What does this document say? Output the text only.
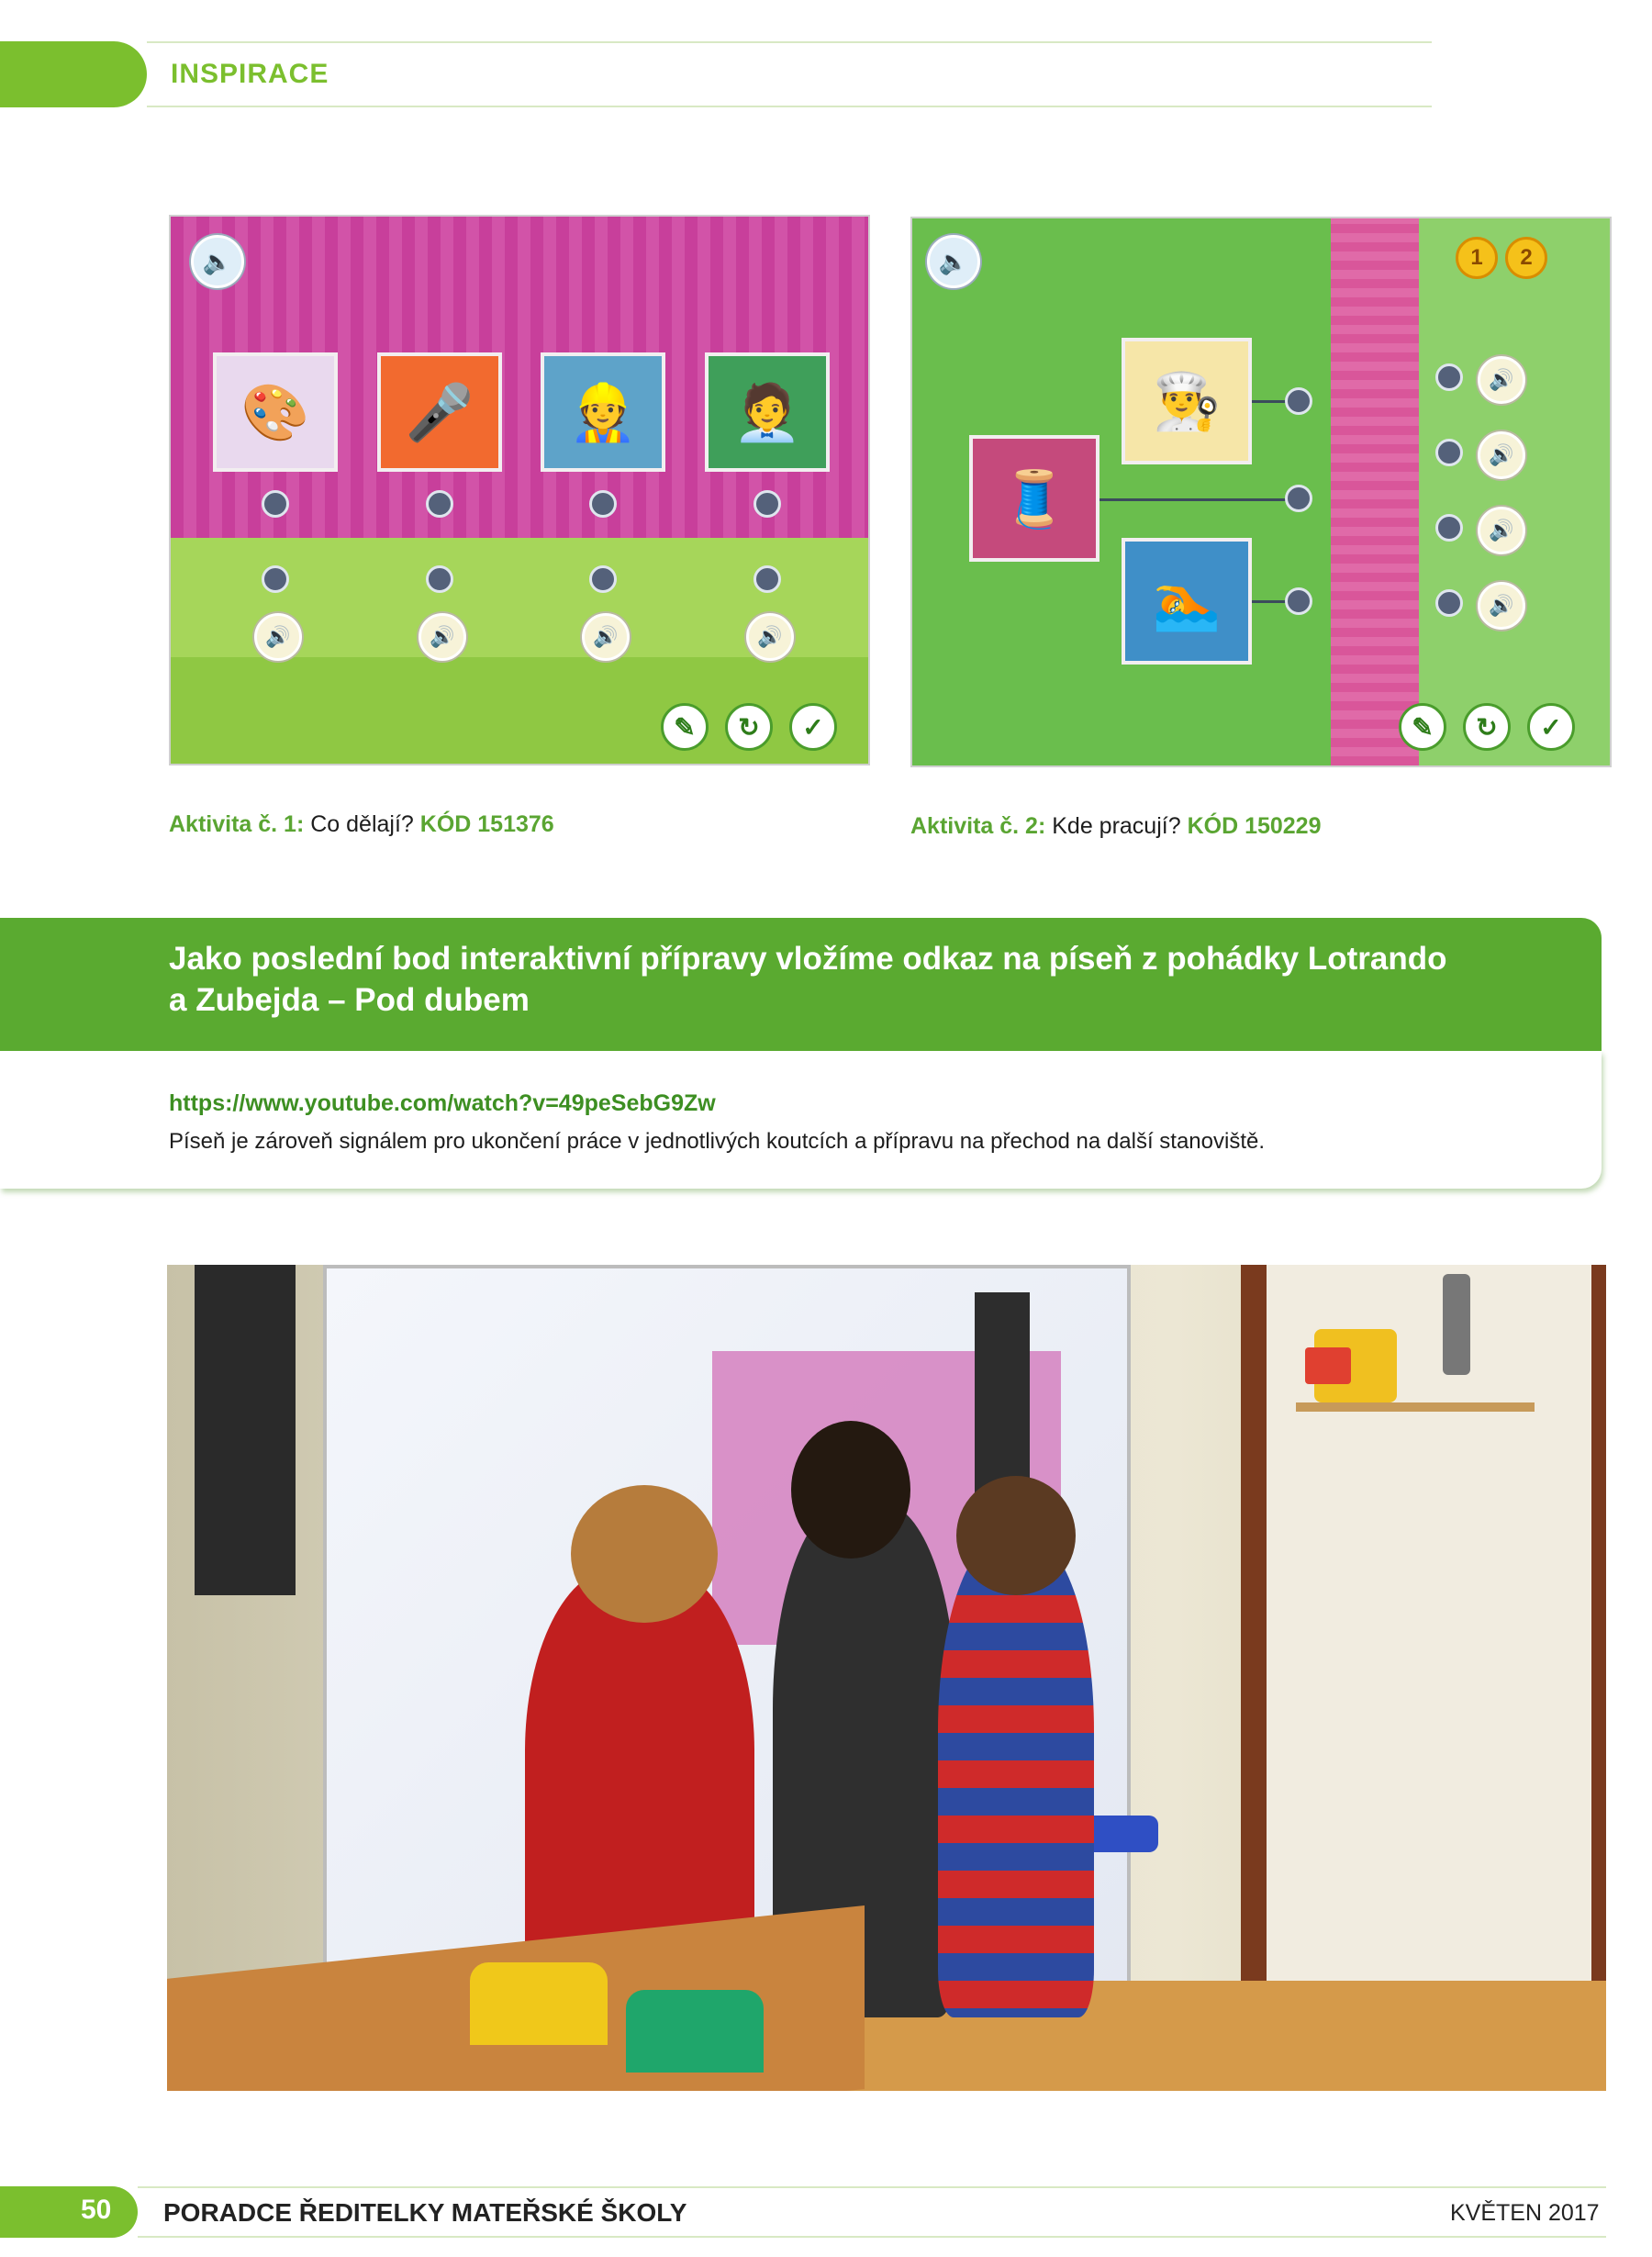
INSPIRACE
🔈
🎨 🎤 👷 🧑‍💼
🔊	🔊	🔊	🔊
✎	↻	✓
Aktivita č. 1: Co dělají? KÓD 151376
🔈	1	2
👨‍🍳
🧵
🏊
🔊
🔊
🔊
🔊
✎	↻	✓
Aktivita č. 2: Kde pracují? KÓD 150229
Jako poslední bod interaktivní přípravy vložíme odkaz na píseň z pohádky Lotrando a Zubejda – Pod dubem
https://www.youtube.com/watch?v=49peSebG9Zw
Píseň je zároveň signálem pro ukončení práce v jednotlivých koutcích a přípravu na přechod na další stanoviště.
50 PORADCE ŘEDITELKY MATEŘSKÉ ŠKOLY	KVĚTEN 2017
